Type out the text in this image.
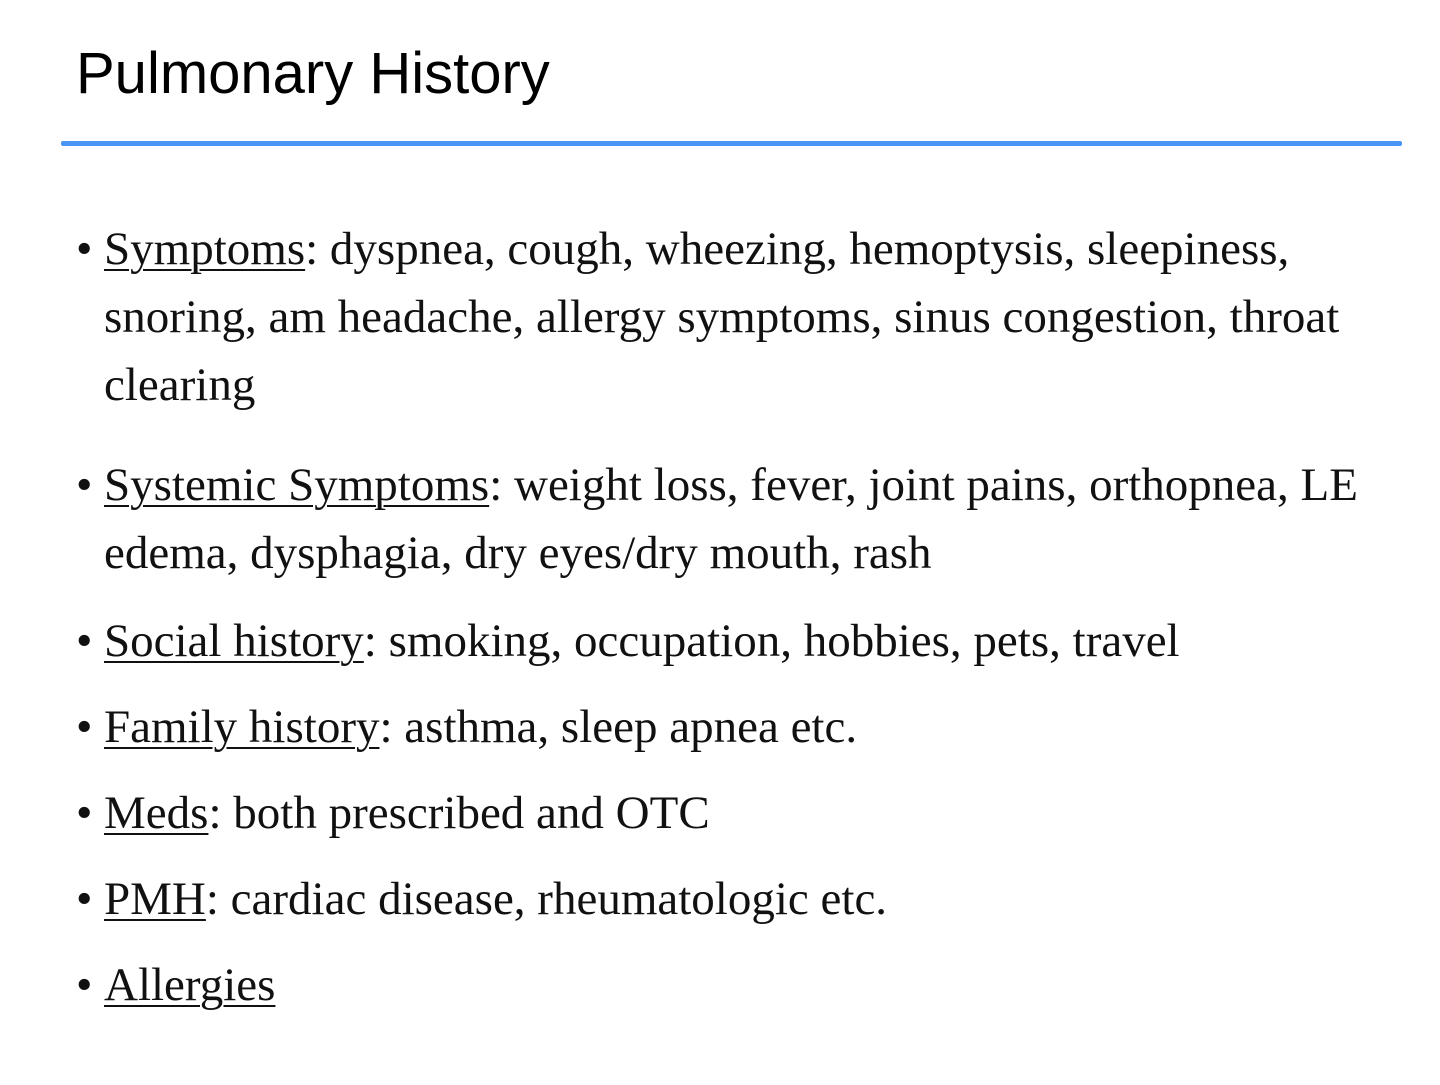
Pulmonary History
• Symptoms: dyspnea, cough, wheezing, hemoptysis, sleepiness, snoring, am headache, allergy symptoms, sinus congestion, throat clearing
• Systemic Symptoms: weight loss, fever, joint pains, orthopnea, LE edema, dysphagia, dry eyes/dry mouth, rash
• Social history: smoking, occupation, hobbies, pets, travel
• Family history: asthma, sleep apnea etc.
• Meds: both prescribed and OTC
• PMH: cardiac disease, rheumatologic etc.
• Allergies
